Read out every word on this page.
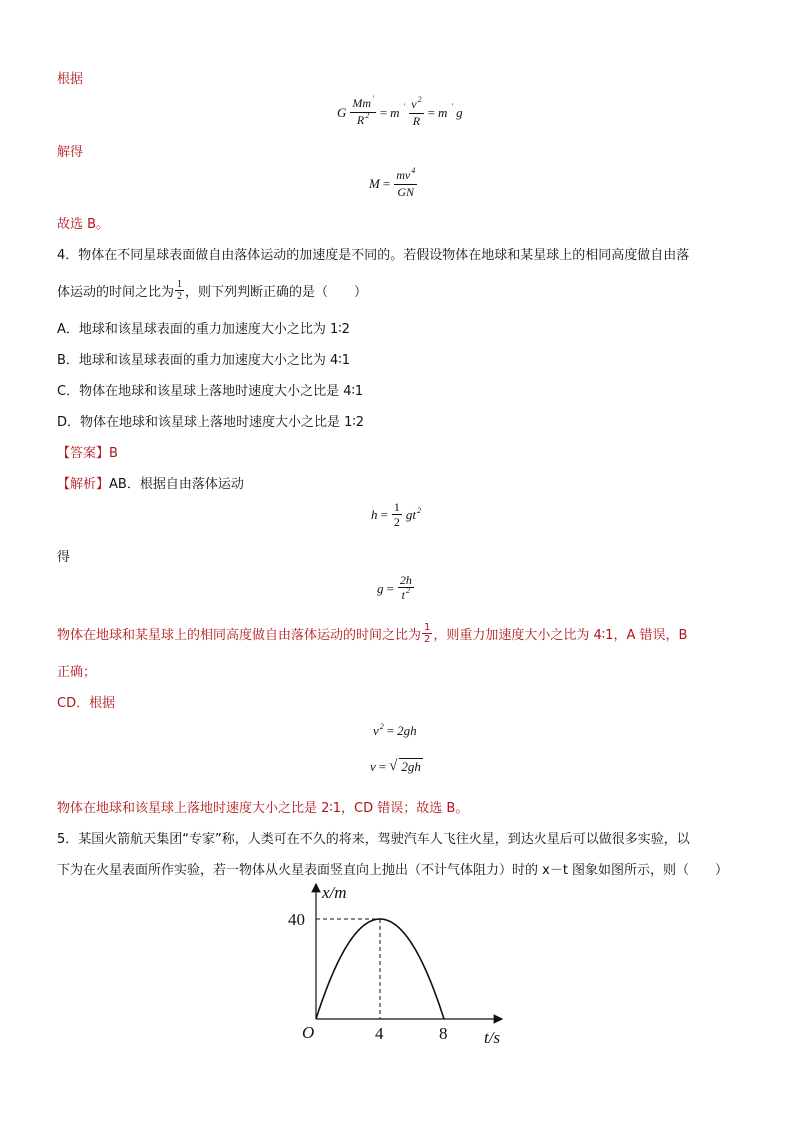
根据
G $\frac{Mm'}{R^2} = m$ ′ $\frac{v^2}{R} = m$ ′ g
解得
$M = \frac{mv^4}{GN}$
故选 B。
4．物体在不同星球表面做自由落体运动的加速度是不同的。若假设物体在地球和某星球上的相同高度做自由落
体运动的时间之比为 $\frac{1}{2}$ ，则下列判断正确的是（　　）
A．地球和该星球表面的重力加速度大小之比为 1∶2
B．地球和该星球表面的重力加速度大小之比为 4∶1
C．物体在地球和该星球上落地时速度大小之比是 4∶1
D．物体在地球和该星球上落地时速度大小之比是 1∶2
【答案】B
【解析】AB．根据自由落体运动
$h = \frac{1}{2} gt^2$
得
$g = \frac{2h}{t^2}$
物体在地球和某星球上的相同高度做自由落体运动的时间之比为 $\frac{1}{2}$ ，则重力加速度大小之比为 4∶1，A 错误，B
正确；
CD．根据
$v^2 = 2gh$
v = √ 2gh
物体在地球和该星球上落地时速度大小之比是 2∶1，CD 错误；故选 B。
5．某国火箭航天集团“专家”称，人类可在不久的将来，驾驶汽车人飞往火星，到达火星后可以做很多实验，以
下为在火星表面所作实验，若一物体从火星表面竖直向上抛出（不计气体阻力）时的 x－t 图象如图所示，则（　　）
4	8
40
x/m
t/s
O
